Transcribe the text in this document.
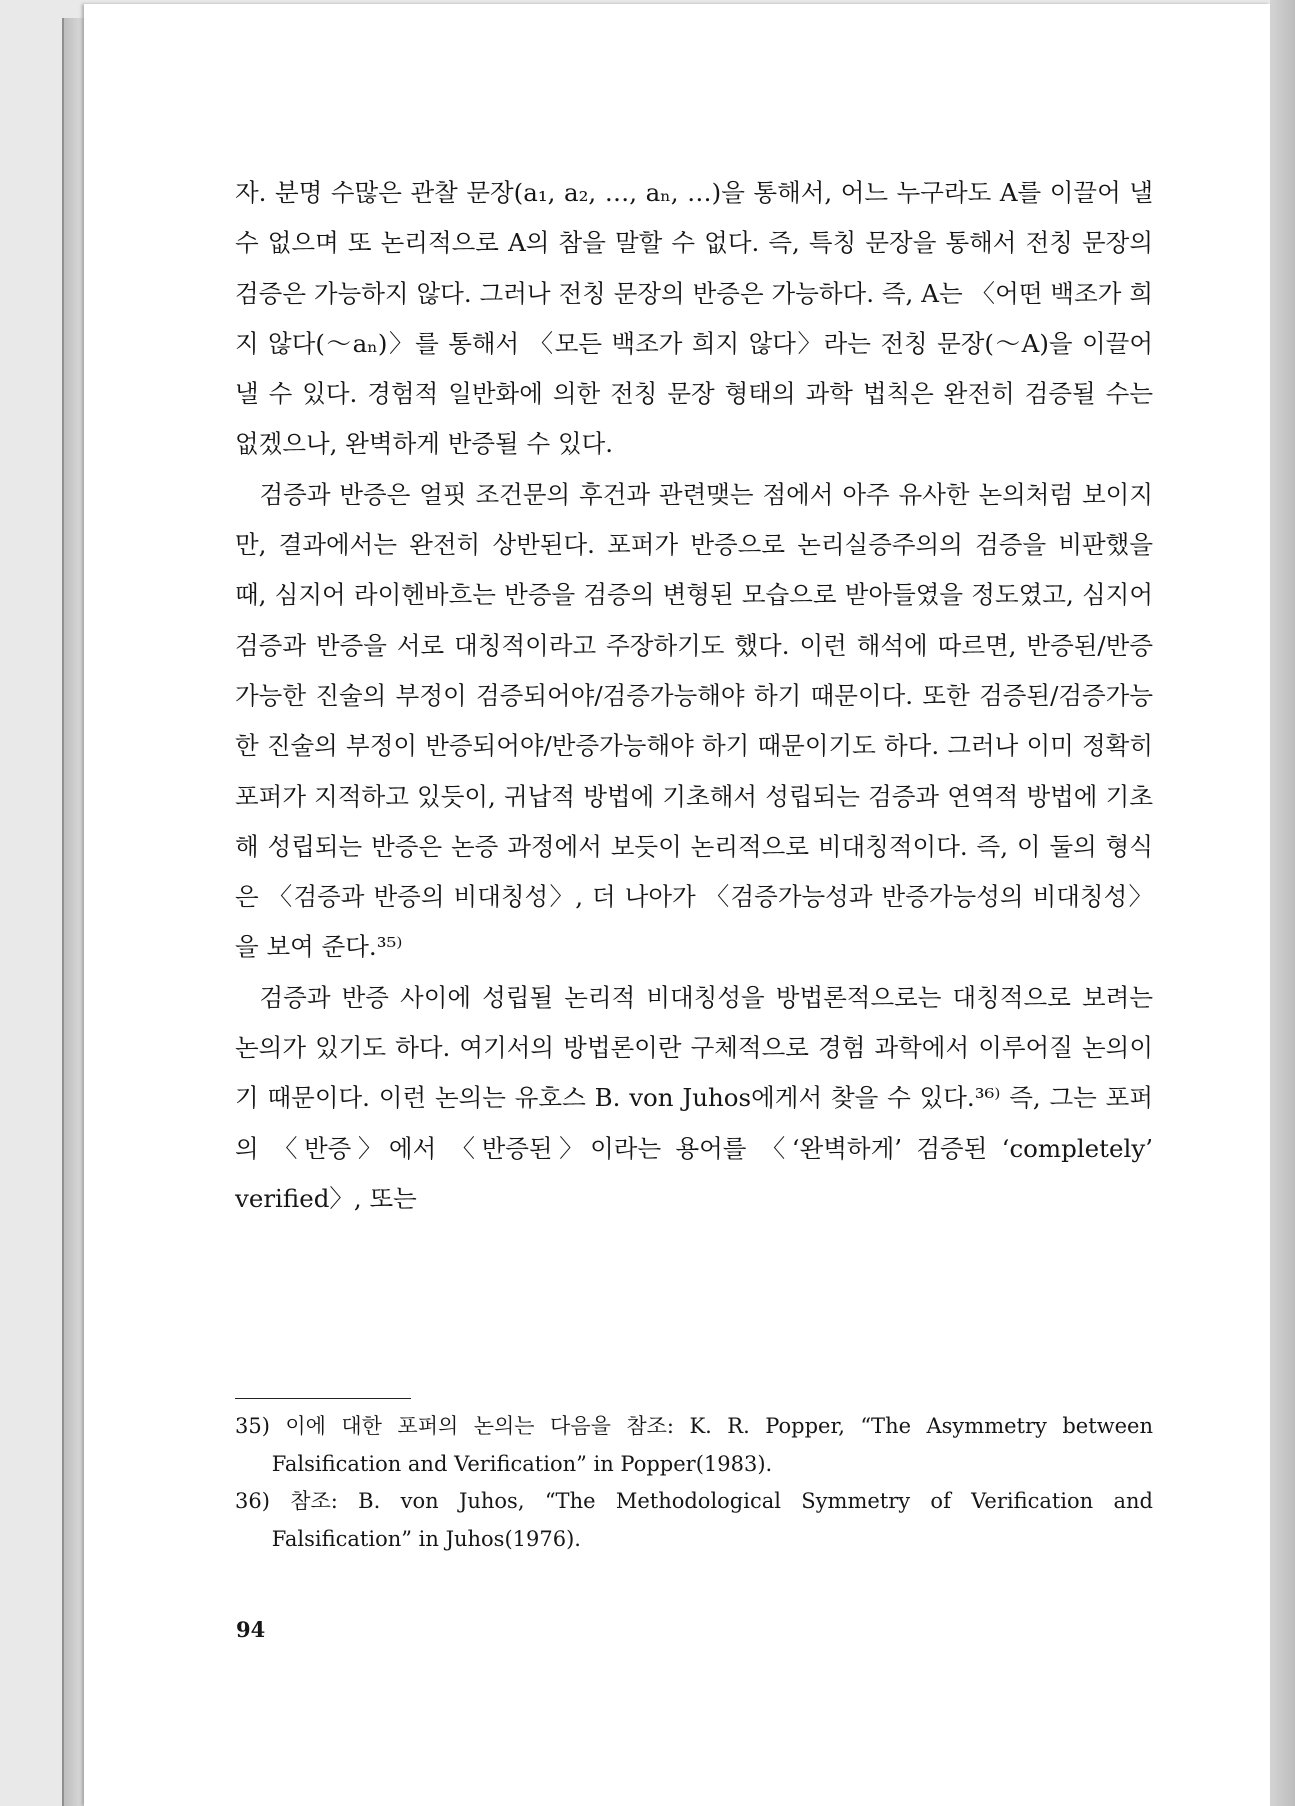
자. 분명 수많은 관찰 문장(a₁, a₂, …, aₙ, …)을 통해서, 어느 누구라도 A를 이끌어 낼 수 없으며 또 논리적으로 A의 참을 말할 수 없다. 즉, 특칭 문장을 통해서 전칭 문장의 검증은 가능하지 않다. 그러나 전칭 문장의 반증은 가능하다. 즉, A는 〈어떤 백조가 희지 않다(～aₙ)〉를 통해서 〈모든 백조가 희지 않다〉라는 전칭 문장(～A)을 이끌어 낼 수 있다. 경험적 일반화에 의한 전칭 문장 형태의 과학 법칙은 완전히 검증될 수는 없겠으나, 완벽하게 반증될 수 있다.

검증과 반증은 얼핏 조건문의 후건과 관련맺는 점에서 아주 유사한 논의처럼 보이지만, 결과에서는 완전히 상반된다. 포퍼가 반증으로 논리실증주의의 검증을 비판했을 때, 심지어 라이헨바흐는 반증을 검증의 변형된 모습으로 받아들였을 정도였고, 심지어 검증과 반증을 서로 대칭적이라고 주장하기도 했다. 이런 해석에 따르면, 반증된/반증가능한 진술의 부정이 검증되어야/검증가능해야 하기 때문이다. 또한 검증된/검증가능한 진술의 부정이 반증되어야/반증가능해야 하기 때문이기도 하다. 그러나 이미 정확히 포퍼가 지적하고 있듯이, 귀납적 방법에 기초해서 성립되는 검증과 연역적 방법에 기초해 성립되는 반증은 논증 과정에서 보듯이 논리적으로 비대칭적이다. 즉, 이 둘의 형식은 〈검증과 반증의 비대칭성〉, 더 나아가 〈검증가능성과 반증가능성의 비대칭성〉을 보여 준다.³⁵⁾

검증과 반증 사이에 성립될 논리적 비대칭성을 방법론적으로는 대칭적으로 보려는 논의가 있기도 하다. 여기서의 방법론이란 구체적으로 경험 과학에서 이루어질 논의이기 때문이다. 이런 논의는 유호스 B. von Juhos에게서 찾을 수 있다.³⁶⁾ 즉, 그는 포퍼의 〈반증〉에서 〈반증된〉이라는 용어를 〈‘완벽하게’ 검증된 ‘completely’ verified〉, 또는

35) 이에 대한 포퍼의 논의는 다음을 참조: K. R. Popper, “The Asymmetry between Falsification and Verification” in Popper(1983).

36) 참조: B. von Juhos, “The Methodological Symmetry of Verification and Falsification” in Juhos(1976).

94
